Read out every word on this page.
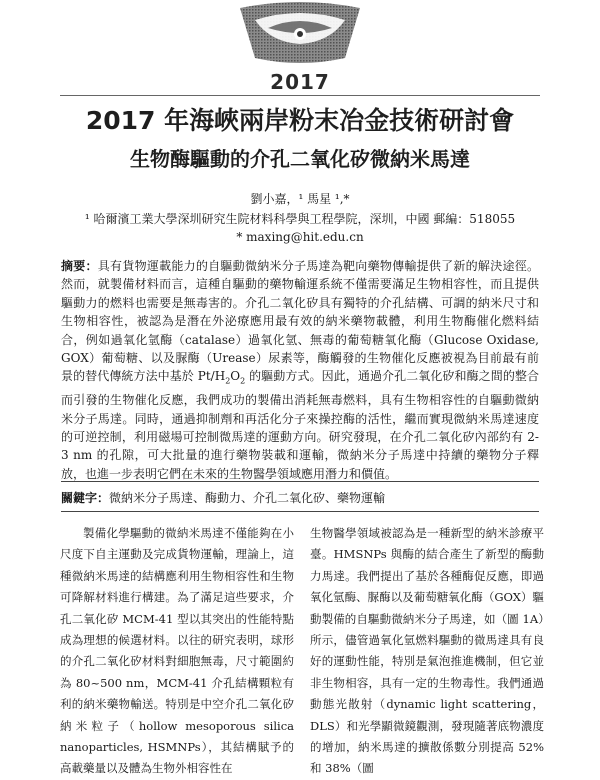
2017
2017 年海峽兩岸粉末冶金技術研討會
生物酶驅動的介孔二氧化矽微納米馬達
劉小嘉，¹ 馬星 ¹,*
¹ 哈爾濱工業大學深圳研究生院材料科學與工程學院，深圳，中國 郵編：518055
* maxing@hit.edu.cn
摘要：具有貨物運載能力的自驅動微納米分子馬達為靶向藥物傳輸提供了新的解決途徑。然而，就製備材料而言，這種自驅動的藥物輸運系統不僅需要滿足生物相容性，而且提供驅動力的燃料也需要是無毒害的。介孔二氧化矽具有獨特的介孔結構、可調的納米尺寸和生物相容性，被認為是潛在外泌療應用最有效的納米藥物載體，利用生物酶催化燃料結合，例如過氧化氫酶（catalase）過氧化氫、無毒的葡萄糖氧化酶（Glucose Oxidase, GOX）葡萄糖、以及脲酶（Urease）尿素等，酶觸發的生物催化反應被視為目前最有前景的替代傳統方法中基於 $Pt/H_2O_2$ 的驅動方式。因此，通過介孔二氧化矽和酶之間的整合而引發的生物催化反應，我們成功的製備出消耗無毒燃料，具有生物相容性的自驅動微納米分子馬達。同時，通過抑制劑和再活化分子來操控酶的活性，繼而實現微納米馬達速度的可逆控制，利用磁場可控制微馬達的運動方向。研究發現，在介孔二氧化矽內部約有 2-3 nm 的孔隙，可大批量的進行藥物裝載和運輸，微納米分子馬達中持續的藥物分子釋放，也進一步表明它們在未來的生物醫學領域應用潛力和價值。
關鍵字：微納米分子馬達、酶動力、介孔二氧化矽、藥物運輸

製備化學驅動的微納米馬達不僅能夠在小尺度下自主運動及完成貨物運輸，理論上，這種微納米馬達的結構應利用生物相容性和生物可降解材料進行構建。為了滿足這些要求，介孔二氧化矽 MCM-41 型以其突出的性能特點成為理想的候選材料。以往的研究表明，球形的介孔二氧化矽材料對細胞無毒，尺寸範圍約為 80~500 nm，MCM-41 介孔結構顆粒有利的納米藥物輸送。特別是中空介孔二氧化矽納米粒子（hollow mesoporous silica nanoparticles, HSMNPs），其結構賦予的高載藥量以及體為生物外相容性在

生物醫學領域被認為是一種新型的納米診療平臺。HMSNPs 與酶的結合產生了新型的酶動力馬達。我們提出了基於各種酶促反應，即過氧化氫酶、脲酶以及葡萄糖氧化酶（GOX）驅動製備的自驅動微納米分子馬達，如（圖 1A）所示，儘管過氧化氫燃料驅動的微馬達具有良好的運動性能，特別是氣泡推進機制，但它並非生物相容，具有一定的生物毒性。我們通過動態光散射（dynamic light scattering，DLS）和光學顯微鏡觀測，發現隨著底物濃度的增加，納米馬達的擴散係數分別提高 52% 和 38%（圖
